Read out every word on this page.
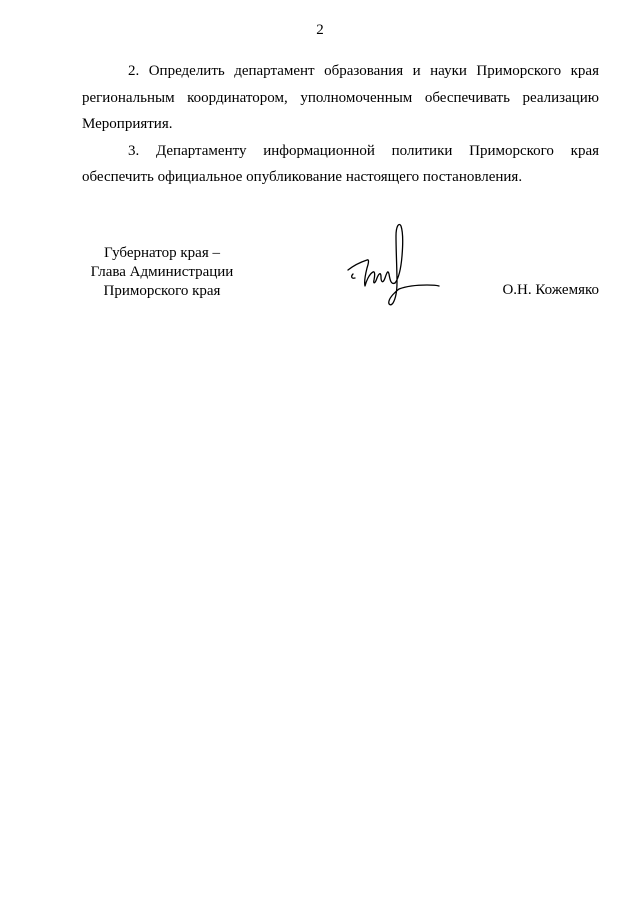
2

2. Определить департамент образования и науки Приморского края региональным координатором, уполномоченным обеспечивать реализацию Мероприятия.

3. Департаменту информационной политики Приморского края обеспечить официальное опубликование настоящего постановления.

Губернатор края –
Глава Администрации
Приморского края	О.Н. Кожемяко
